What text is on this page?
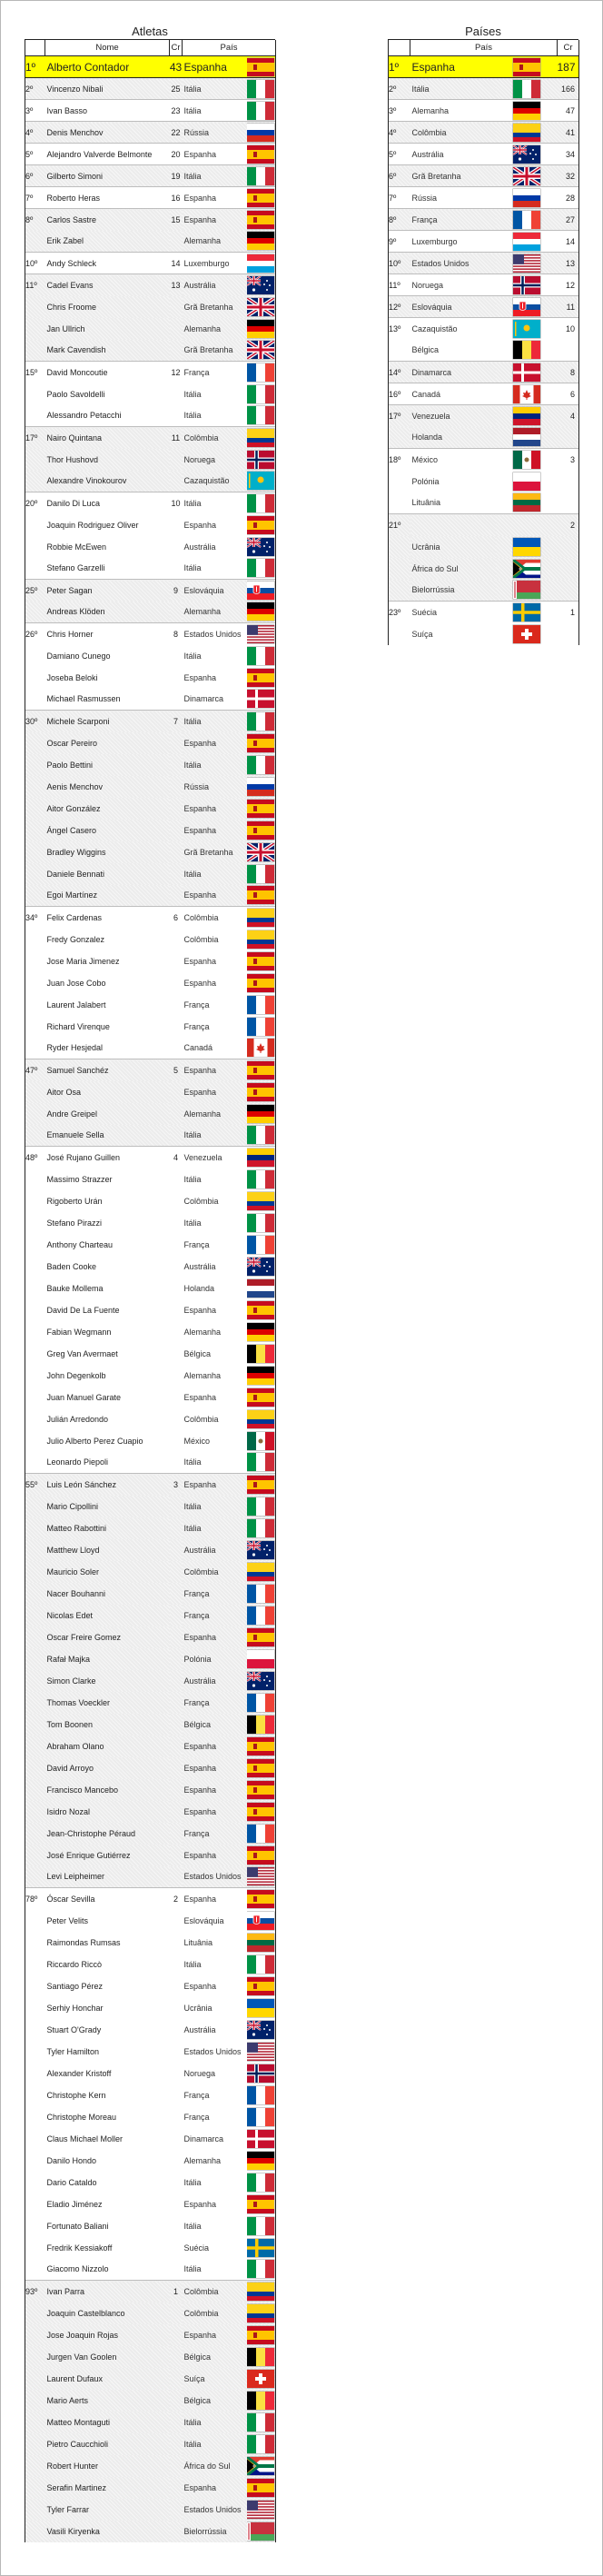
Atletas
	Nome	Cr	País	
1º	Alberto Contador	43	Espanha	

2º	Vincenzo Nibali	25	Itália	

3º	Ivan Basso	23	Itália	

4º	Denis Menchov	22	Rússia	

5º	Alejandro Valverde Belmonte	20	Espanha	

6º	Gilberto Simoni	19	Itália	

7º	Roberto Heras	16	Espanha	

8º	Carlos Sastre	15	Espanha	

	Erik Zabel		Alemanha	

10º	Andy Schleck	14	Luxemburgo	

11º	Cadel Evans	13	Austrália	

	Chris Froome		Grã Bretanha	

	Jan Ullrich		Alemanha	

	Mark Cavendish		Grã Bretanha	

15º	David Moncoutie	12	França	

	Paolo Savoldelli		Itália	

	Alessandro Petacchi		Itália	

17º	Nairo Quintana	11	Colômbia	

	Thor Hushovd		Noruega	

	Alexandre Vinokourov		Cazaquistão	

20º	Danilo Di Luca	10	Itália	

	Joaquin Rodriguez Oliver		Espanha	

	Robbie McEwen		Austrália	

	Stefano Garzelli		Itália	

25º	Peter Sagan	9	Eslováquia	

	Andreas Klöden		Alemanha	

26º	Chris Horner	8	Estados Unidos	

	Damiano Cunego		Itália	

	Joseba Beloki		Espanha	

	Michael Rasmussen		Dinamarca	

30º	Michele Scarponi	7	Itália	

	Oscar Pereiro		Espanha	

	Paolo Bettini		Itália	

	Aenis Menchov		Rússia	

	Aitor González		Espanha	

	Ángel Casero		Espanha	

	Bradley Wiggins		Grã Bretanha	

	Daniele Bennati		Itália	

	Egoi Martínez		Espanha	

34º	Felix Cardenas	6	Colômbia	

	Fredy Gonzalez		Colômbia	

	Jose Maria Jimenez		Espanha	

	Juan Jose Cobo		Espanha	

	Laurent Jalabert		França	

	Richard Virenque		França	

	Ryder Hesjedal		Canadá	

47º	Samuel Sanchéz	5	Espanha	

	Aitor Osa		Espanha	

	Andre Greipel		Alemanha	

	Emanuele Sella		Itália	

48º	José Rujano Guillen	4	Venezuela	

	Massimo Strazzer		Itália	

	Rigoberto Urán		Colômbia	

	Stefano Pirazzi		Itália	

	Anthony Charteau		França	

	Baden Cooke		Austrália	

	Bauke Mollema		Holanda	

	David De La Fuente		Espanha	

	Fabian Wegmann		Alemanha	

	Greg Van Avermaet		Bélgica	

	John Degenkolb		Alemanha	

	Juan Manuel Garate		Espanha	

	Julián Arredondo		Colômbia	

	Julio Alberto Perez Cuapio		México	

	Leonardo Piepoli		Itália	

55º	Luis León Sánchez	3	Espanha	

	Mario Cipollini		Itália	

	Matteo Rabottini		Itália	

	Matthew Lloyd		Austrália	

	Mauricio Soler		Colômbia	

	Nacer Bouhanni		França	

	Nicolas Edet		França	

	Oscar Freire Gomez		Espanha	

	Rafał Majka		Polónia	

	Simon Clarke		Austrália	

	Thomas Voeckler		França	

	Tom Boonen		Bélgica	

	Abraham Olano		Espanha	

	David Arroyo		Espanha	

	Francisco Mancebo		Espanha	

	Isidro Nozal		Espanha	

	Jean-Christophe Péraud		França	

	José Enrique Gutiérrez		Espanha	

	Levi Leipheimer		Estados Unidos	

78º	Óscar Sevilla	2	Espanha	

	Peter Velits		Eslováquia	

	Raimondas Rumsas		Lituânia	

	Riccardo Riccò		Itália	

	Santiago Pérez		Espanha	

	Serhiy Honchar		Ucrânia	

	Stuart O'Grady		Austrália	

	Tyler Hamilton		Estados Unidos	

	Alexander Kristoff		Noruega	

	Christophe Kern		França	

	Christophe Moreau		França	

	Claus Michael Moller		Dinamarca	

	Danilo Hondo		Alemanha	

	Dario Cataldo		Itália	

	Eladio Jiménez		Espanha	

	Fortunato Baliani		Itália	

	Fredrik Kessiakoff		Suécia	

	Giacomo Nizzolo		Itália	

93º	Ivan Parra	1	Colômbia	

	Joaquin Castelblanco		Colômbia	

	Jose Joaquin Rojas		Espanha	

	Jurgen Van Goolen		Bélgica	

	Laurent Dufaux		Suíça	

	Mario Aerts		Bélgica	

	Matteo Montaguti		Itália	

	Pietro Caucchioli		Itália	

	Robert Hunter		África do Sul	

	Serafin Martinez		Espanha	

	Tyler Farrar		Estados Unidos	

	Vasili Kiryenka		Bielorrússia	
Países
	País		Cr
1º	Espanha		187
2º	Itália		166
3º	Alemanha		47
4º	Colômbia		41
5º	Austrália		34
6º	Grã Bretanha		32
7º	Rússia		28
8º	França		27
9º	Luxemburgo		14
10º	Estados Unidos		13
11º	Noruega		12
12º	Eslováquia		11
13º	Cazaquistão		10
	Bélgica	

14º	Dinamarca		8
16º	Canadá		6
17º	Venezuela		4
	Holanda	

18º	México		3
	Polónia	

	Lituânia	

21º			2
	Ucrânia	

	África do Sul	

	Bielorrússia	

23º	Suécia		1
	Suíça	
